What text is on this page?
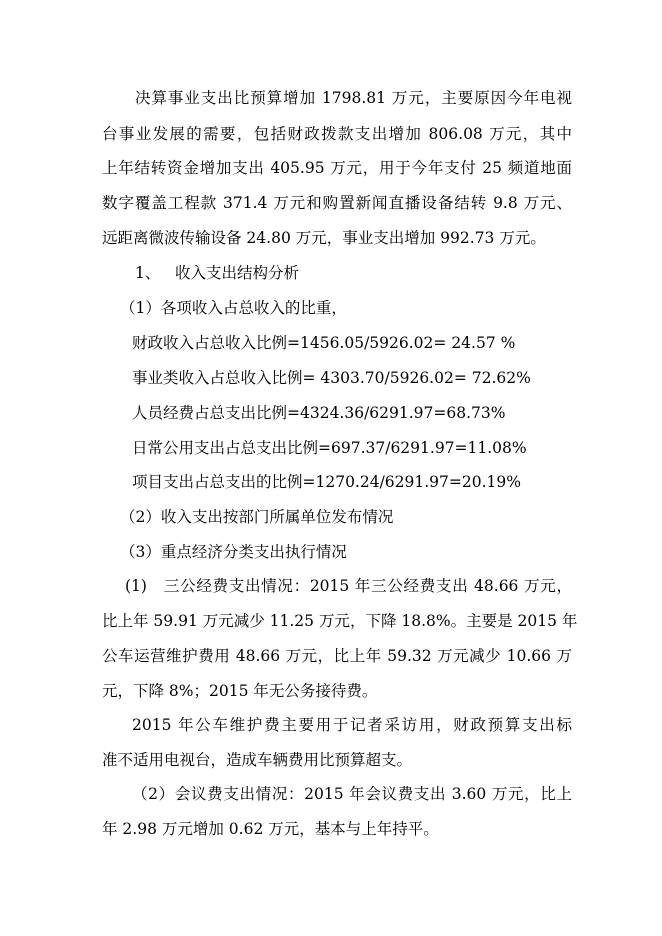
决算事业支出比预算增加 1798.81 万元，主要原因今年电视

台事业发展的需要，包括财政拨款支出增加 806.08 万元，其中

上年结转资金增加支出 405.95 万元，用于今年支付 25 频道地面

数字覆盖工程款 371.4 万元和购置新闻直播设备结转 9.8 万元、

远距离微波传输设备 24.80 万元，事业支出增加 992.73 万元。

1、 收入支出结构分析

（1）各项收入占总收入的比重，

财政收入占总收入比例=1456.05/5926.02= 24.57 %

事业类收入占总收入比例= 4303.70/5926.02= 72.62%

人员经费占总支出比例=4324.36/6291.97=68.73%

日常公用支出占总支出比例=697.37/6291.97=11.08%

项目支出占总支出的比例=1270.24/6291.97=20.19%

（2）收入支出按部门所属单位发布情况

（3）重点经济分类支出执行情况

(1)　三公经费支出情况：2015 年三公经费支出 48.66 万元，

比上年 59.91 万元减少 11.25 万元，下降 18.8%。主要是 2015 年

公车运营维护费用 48.66 万元，比上年 59.32 万元减少 10.66 万

元，下降 8%；2015 年无公务接待费。

2015 年公车维护费主要用于记者采访用，财政预算支出标

准不适用电视台，造成车辆费用比预算超支。

（2）会议费支出情况：2015 年会议费支出 3.60 万元，比上

年 2.98 万元增加 0.62 万元，基本与上年持平。
